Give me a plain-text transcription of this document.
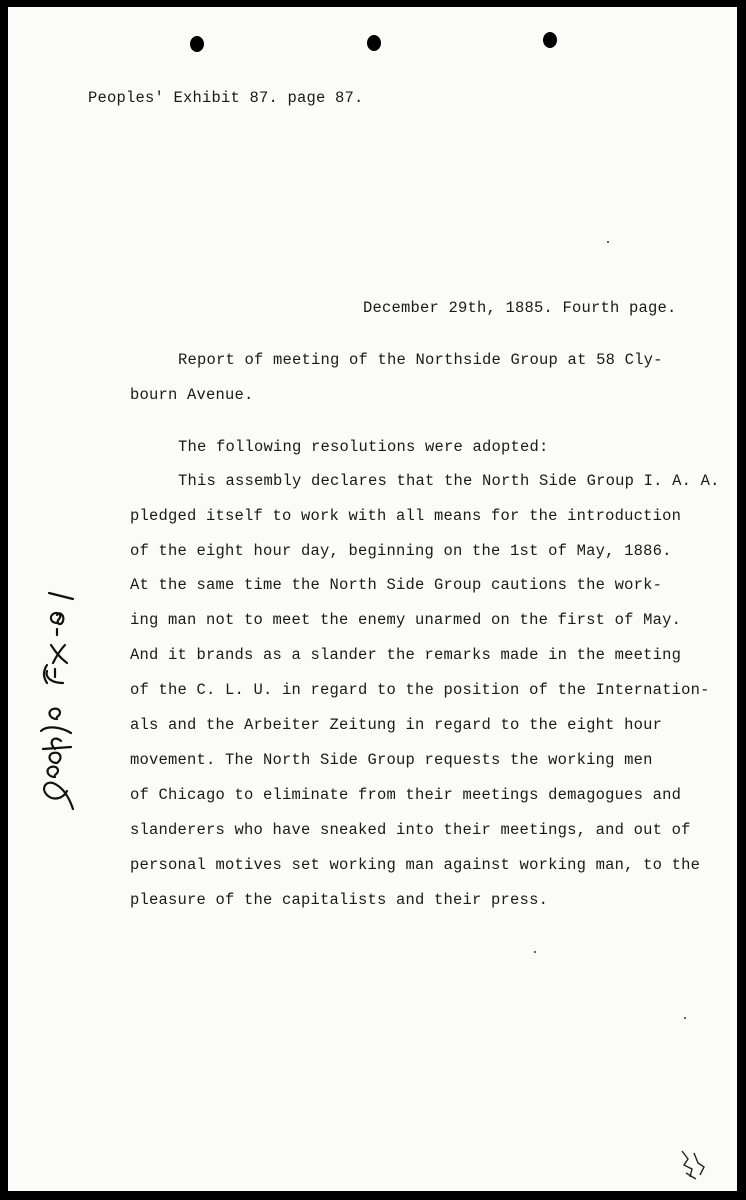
Peoples' Exhibit 87. page 87.
December 29th, 1885. Fourth page.
Report of meeting of the Northside Group at 58 Cly-
bourn Avenue.
The following resolutions were adopted:
This assembly declares that the North Side Group I. A. A.
pledged itself to work with all means for the introduction
of the eight hour day, beginning on the 1st of May, 1886.
At the same time the North Side Group cautions the work-
ing man not to meet the enemy unarmed on the first of May.
And it brands as a slander the remarks made in the meeting
of the C. L. U. in regard to the position of the Internation-
als and the Arbeiter Zeitung in regard to the eight hour
movement. The North Side Group requests the working men
of Chicago to eliminate from their meetings demagogues and
slanderers who have sneaked into their meetings, and out of
personal motives set working man against working man, to the
pleasure of the capitalists and their press.
